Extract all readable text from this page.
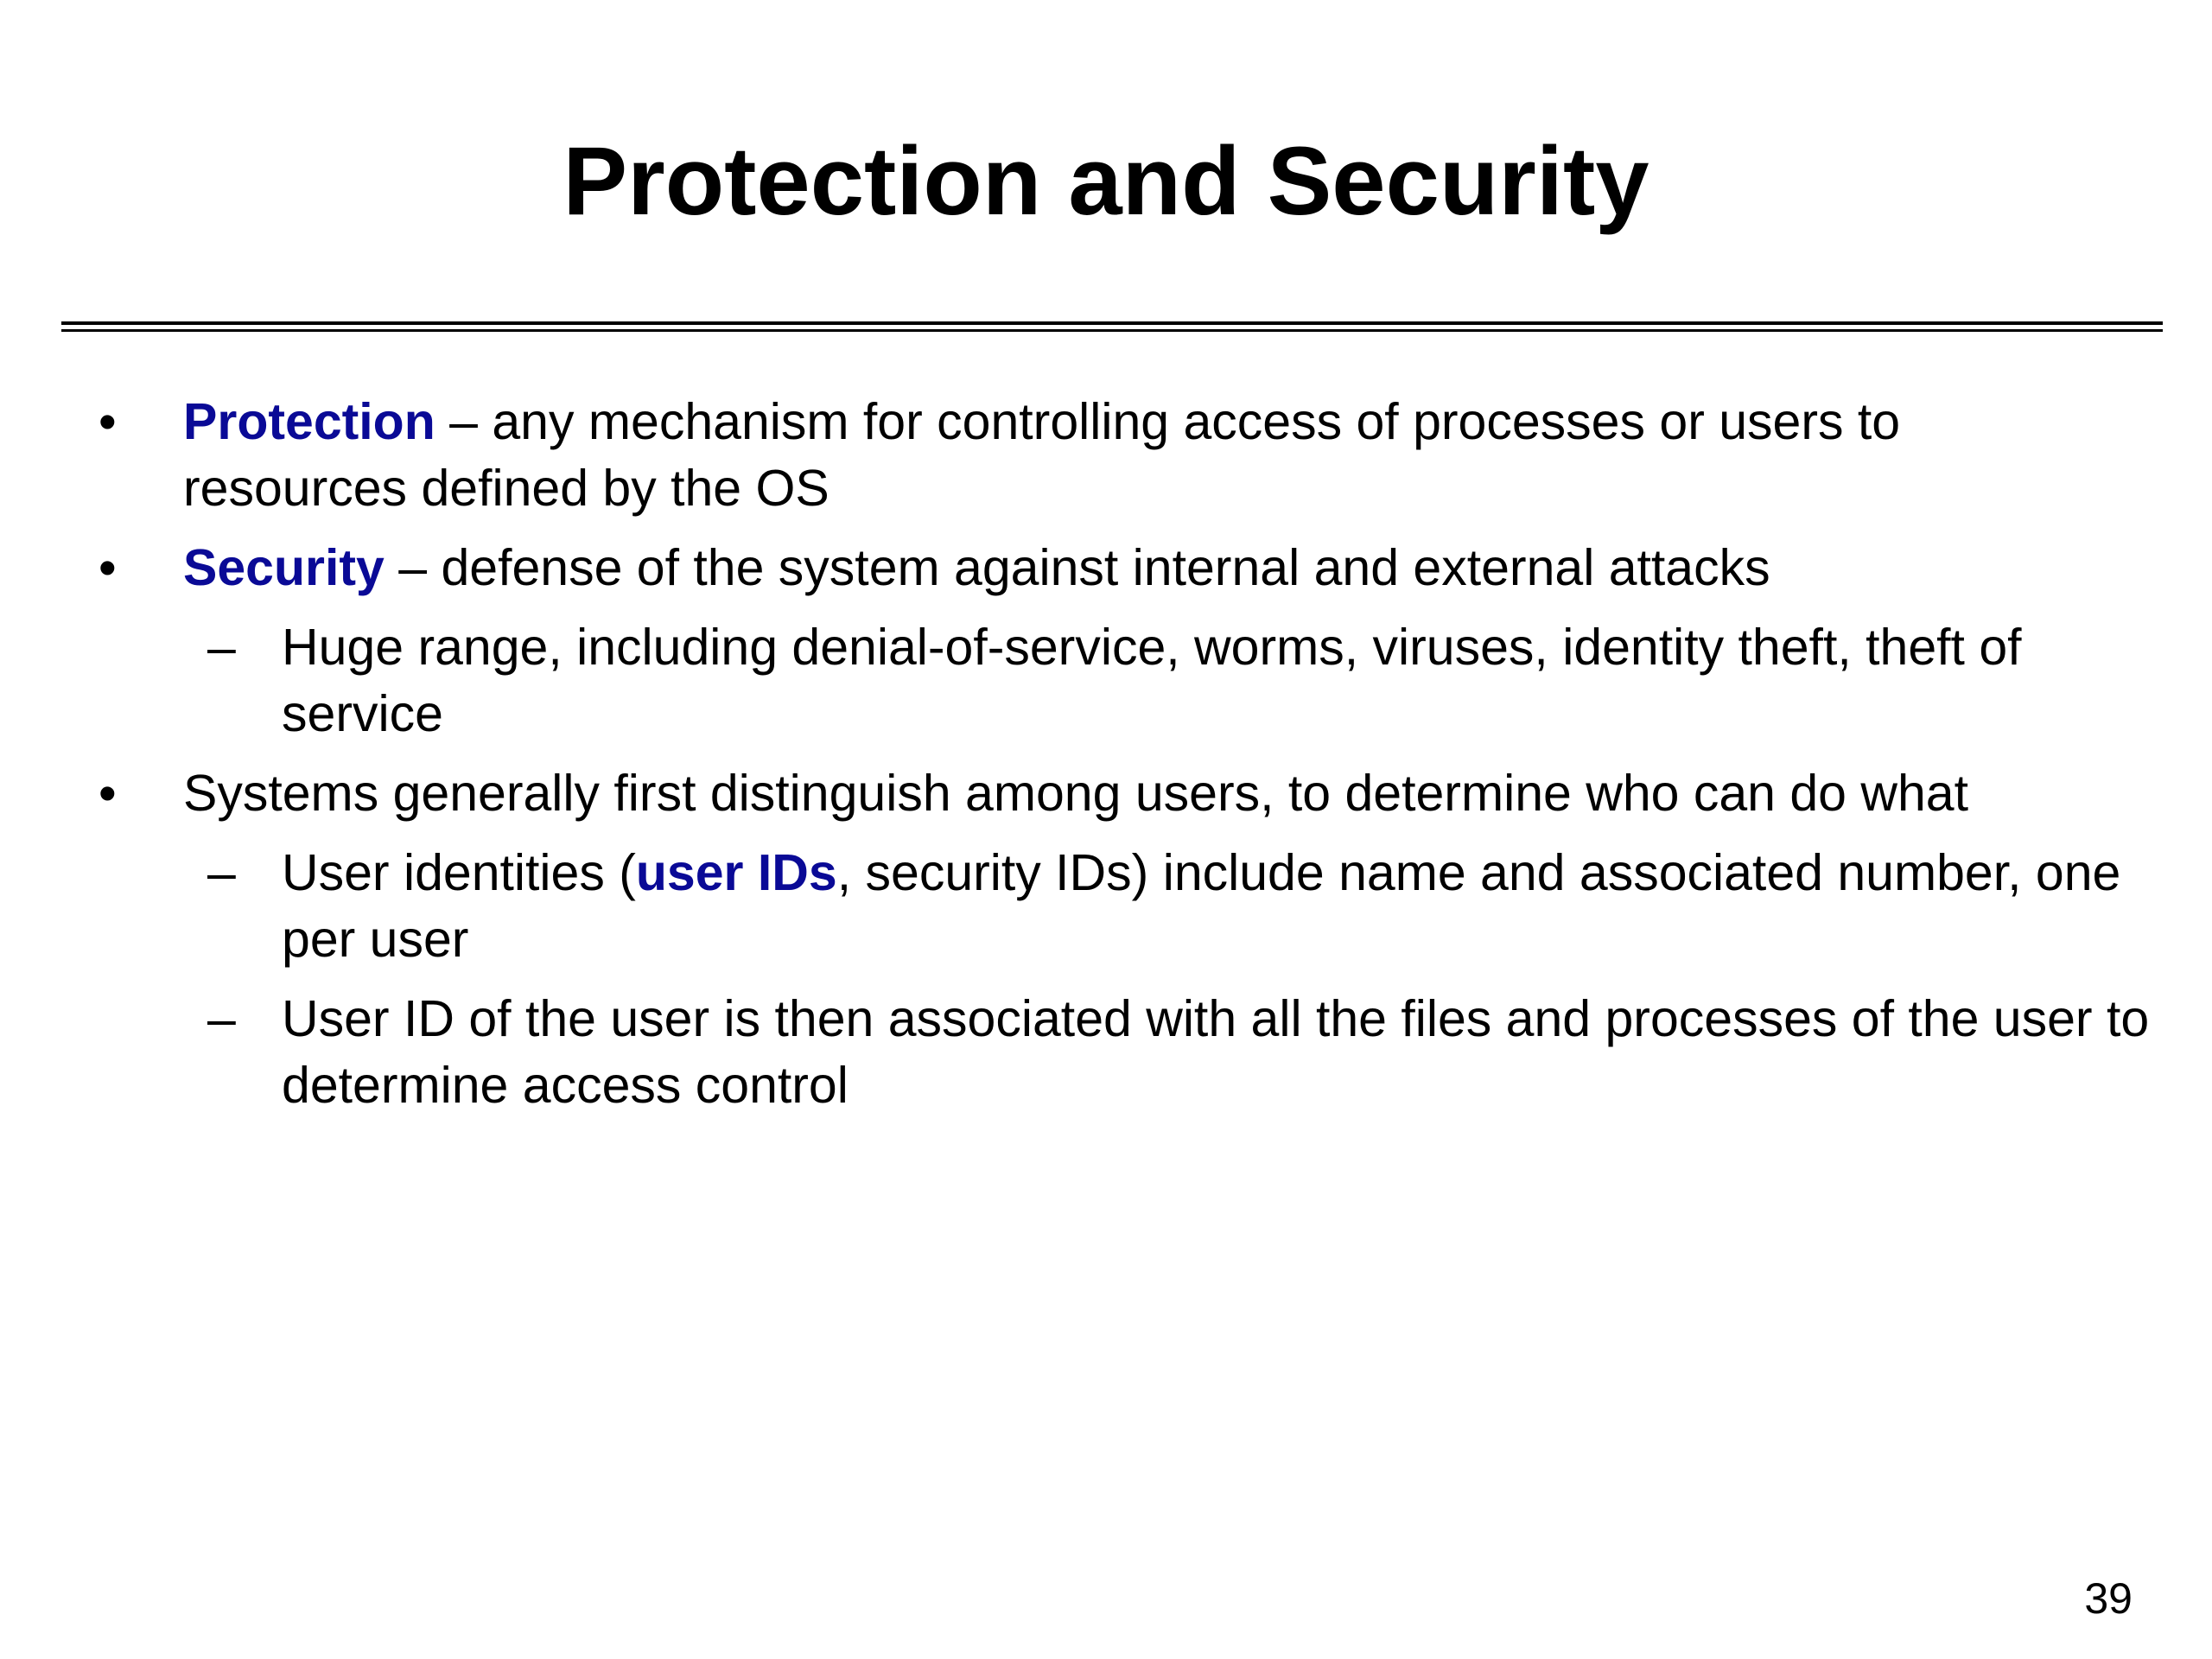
Protection and Security
• Protection – any mechanism for controlling access of processes or users to resources defined by the OS
• Security – defense of the system against internal and external attacks
– Huge range, including denial-of-service, worms, viruses, identity theft, theft of service
• Systems generally first distinguish among users, to determine who can do what
– User identities (user IDs, security IDs) include name and associated number, one per user
– User ID of the user is then associated with all the files and processes of the user to determine access control
39
